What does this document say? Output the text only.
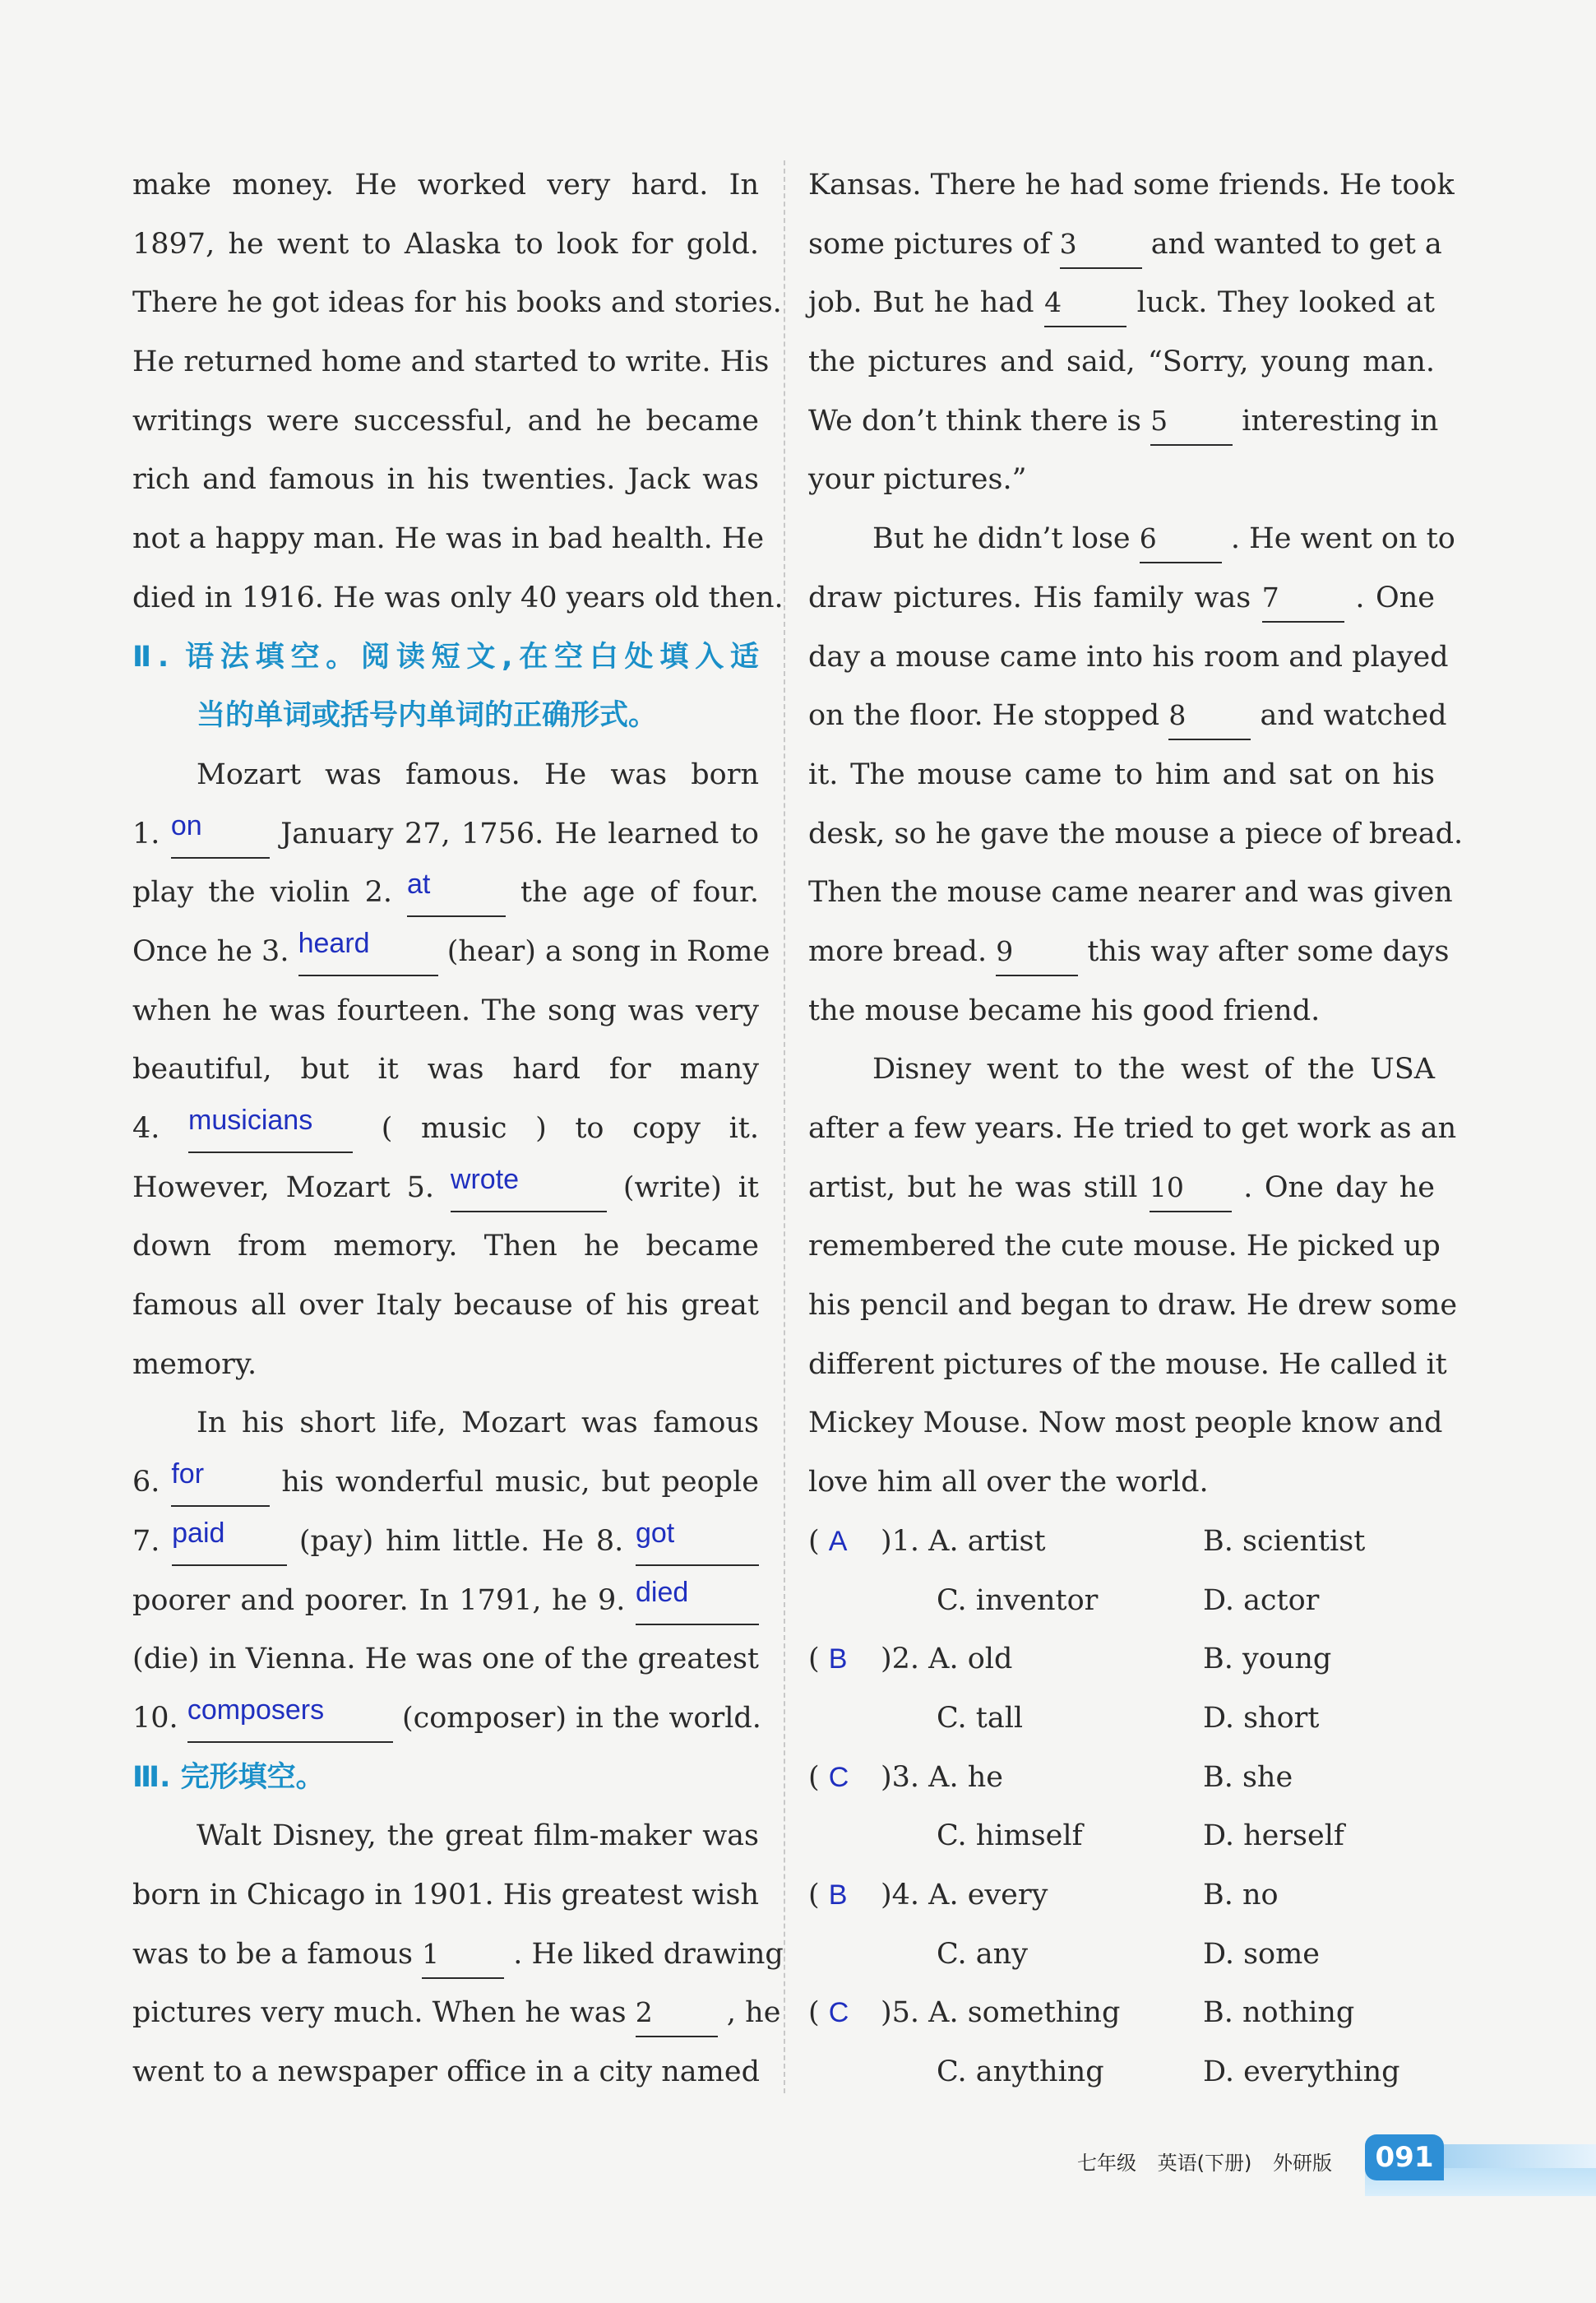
make money. He worked very hard. In
1897, he went to Alaska to look for gold.
There he got ideas for his books and stories.
He returned home and started to write. His
writings were successful, and he became
rich and famous in his twenties. Jack was
not a happy man. He was in bad health. He
died in 1916. He was only 40 years old then.
Ⅱ. 语法填空。阅读短文,在空白处填入适
当的单词或括号内单词的正确形式。
Mozart was famous. He was born
1. on	January 27, 1756. He learned to
play the violin 2. at	the age of four.
Once he 3. heard	(hear) a song in Rome
when he was fourteen. The song was very
beautiful, but it was hard for many
4. musicians ( music ) to copy it.
However, Mozart 5. wrote	(write) it
down from memory. Then he became
famous all over Italy because of his great
memory.
In his short life, Mozart was famous
6. for	his wonderful music, but people
7. paid	(pay) him little. He 8. got
poorer and poorer. In 1791, he 9. died
(die) in Vienna. He was one of the greatest
10. composers	(composer) in the world.
Ⅲ. 完形填空。
Walt Disney, the great film-maker was
born in Chicago in 1901. His greatest wish
was to be a famous 1	. He liked drawing
pictures very much. When he was 2	, he
went to a newspaper office in a city named
Kansas. There he had some friends. He took
some pictures of 3	and wanted to get a
job. But he had 4	luck. They looked at
the pictures and said, “Sorry, young man.
We don’t think there is 5	interesting in
your pictures.”
But he didn’t lose 6	. He went on to
draw pictures. His family was 7	. One
day a mouse came into his room and played
on the floor. He stopped 8	and watched
it. The mouse came to him and sat on his
desk, so he gave the mouse a piece of bread.
Then the mouse came nearer and was given
more bread. 9	this way after some days
the mouse became his good friend.
Disney went to the west of the USA
after a few years. He tried to get work as an
artist, but he was still 10 . One day he
remembered the cute mouse. He picked up
his pencil and began to draw. He drew some
different pictures of the mouse. He called it
Mickey Mouse. Now most people know and
love him all over the world.
( A )1. A. artist	B. scientist
C. inventor	D. actor
( B )2. A. old	B. young
C. tall	D. short
( C )3. A. he	B. she
C. himself	D. herself
( B )4. A. every	B. no
C. any	D. some
( C )5. A. something	B. nothing
C. anything	D. everything
七年级 英语(下册) 外研版	091
